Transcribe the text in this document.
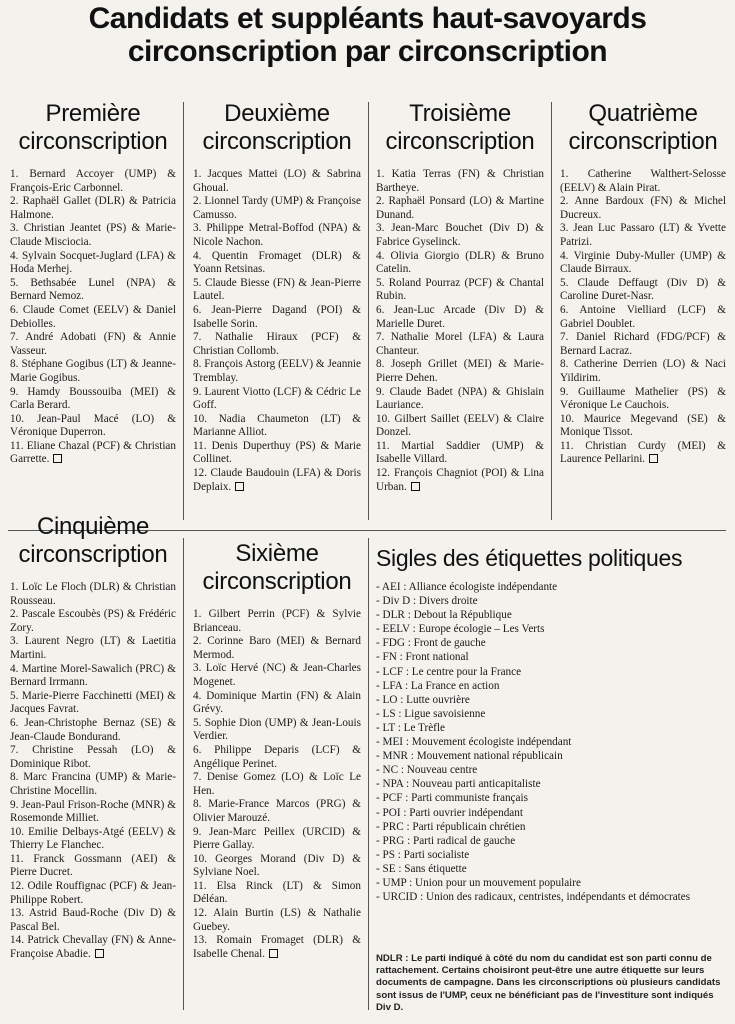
Candidats et suppléants haut-savoyards
circonscription par circonscription
Première
circonscription

1. Bernard Accoyer (UMP) & François-Eric Carbonnel.

2. Raphaël Gallet (DLR) & Patricia Halmone.

3. Christian Jeantet (PS) & Marie-Claude Misciocia.

4. Sylvain Socquet-Juglard (LFA) & Hoda Merhej.

5. Bethsabée Lunel (NPA) & Bernard Nemoz.

6. Claude Comet (EELV) & Daniel Debiolles.

7. André Adobati (FN) & Annie Vasseur.

8. Stéphane Gogibus (LT) & Jeanne-Marie Gogibus.

9. Hamdy Boussouiba (MEI) & Carla Berard.

10. Jean-Paul Macé (LO) & Véronique Duperron.

11. Eliane Chazal (PCF) & Christian Garrette.

Deuxième
circonscription

1. Jacques Mattei (LO) & Sabrina Ghoual.

2. Lionnel Tardy (UMP) & Françoise Camusso.

3. Philippe Metral-Boffod (NPA) & Nicole Nachon.

4. Quentin Fromaget (DLR) & Yoann Retsinas.

5. Claude Biesse (FN) & Jean-Pierre Lautel.

6. Jean-Pierre Dagand (POI) & Isabelle Sorin.

7. Nathalie Hiraux (PCF) & Christian Collomb.

8. François Astorg (EELV) & Jeannie Tremblay.

9. Laurent Viotto (LCF) & Cédric Le Goff.

10. Nadia Chaumeton (LT) & Marianne Alliot.

11. Denis Duperthuy (PS) & Marie Collinet.

12. Claude Baudouin (LFA) & Doris Deplaix.

Troisième
circonscription

1. Katia Terras (FN) & Christian Bartheye.

2. Raphaël Ponsard (LO) & Martine Dunand.

3. Jean-Marc Bouchet (Div D) & Fabrice Gyselinck.

4. Olivia Giorgio (DLR) & Bruno Catelin.

5. Roland Pourraz (PCF) & Chantal Rubin.

6. Jean-Luc Arcade (Div D) & Marielle Duret.

7. Nathalie Morel (LFA) & Laura Chanteur.

8. Joseph Grillet (MEI) & Marie-Pierre Dehen.

9. Claude Badet (NPA) & Ghislain Lauriance.

10. Gilbert Saillet (EELV) & Claire Donzel.

11. Martial Saddier (UMP) & Isabelle Villard.

12. François Chagniot (POI) & Lina Urban.

Quatrième
circonscription

1. Catherine Walthert-Selosse (EELV) & Alain Pirat.

2. Anne Bardoux (FN) & Michel Ducreux.

3. Jean Luc Passaro (LT) & Yvette Patrizi.

4. Virginie Duby-Muller (UMP) & Claude Birraux.

5. Claude Deffaugt (Div D) & Caroline Duret-Nasr.

6. Antoine Vielliard (LCF) & Gabriel Doublet.

7. Daniel Richard (FDG/PCF) & Bernard Lacraz.

8. Catherine Derrien (LO) & Naci Yildirim.

9. Guillaume Mathelier (PS) & Véronique Le Cauchois.

10. Maurice Megevand (SE) & Monique Tissot.

11. Christian Curdy (MEI) & Laurence Pellarini.

Cinquième
circonscription

1. Loïc Le Floch (DLR) & Christian Rousseau.

2. Pascale Escoubès (PS) & Frédéric Zory.

3. Laurent Negro (LT) & Laetitia Martini.

4. Martine Morel-Sawalich (PRC) & Bernard Irrmann.

5. Marie-Pierre Facchinetti (MEI) & Jacques Favrat.

6. Jean-Christophe Bernaz (SE) & Jean-Claude Bondurand.

7. Christine Pessah (LO) & Dominique Ribot.

8. Marc Francina (UMP) & Marie-Christine Mocellin.

9. Jean-Paul Frison-Roche (MNR) & Rosemonde Milliet.

10. Emilie Delbays-Atgé (EELV) & Thierry Le Flanchec.

11. Franck Gossmann (AEI) & Pierre Ducret.

12. Odile Rouffignac (PCF) & Jean-Philippe Robert.

13. Astrid Baud-Roche (Div D) & Pascal Bel.

14. Patrick Chevallay (FN) & Anne-Françoise Abadie.

Sixième
circonscription

1. Gilbert Perrin (PCF) & Sylvie Brianceau.

2. Corinne Baro (MEI) & Bernard Mermod.

3. Loïc Hervé (NC) & Jean-Charles Mogenet.

4. Dominique Martin (FN) & Alain Grévy.

5. Sophie Dion (UMP) & Jean-Louis Verdier.

6. Philippe Deparis (LCF) & Angélique Perinet.

7. Denise Gomez (LO) & Loïc Le Hen.

8. Marie-France Marcos (PRG) & Olivier Marouzé.

9. Jean-Marc Peillex (URCID) & Pierre Gallay.

10. Georges Morand (Div D) & Sylviane Noel.

11. Elsa Rinck (LT) & Simon Déléan.

12. Alain Burtin (LS) & Nathalie Guebey.

13. Romain Fromaget (DLR) & Isabelle Chenal.

Sigles des étiquettes politiques

- AEI : Alliance écologiste indépendante

- Div D : Divers droite

- DLR : Debout la République

- EELV : Europe écologie – Les Verts

- FDG : Front de gauche

- FN : Front national

- LCF : Le centre pour la France

- LFA : La France en action

- LO : Lutte ouvrière

- LS : Ligue savoisienne

- LT : Le Trèfle

- MEI : Mouvement écologiste indépendant

- MNR : Mouvement national républicain

- NC : Nouveau centre

- NPA : Nouveau parti anticapitaliste

- PCF : Parti communiste français

- POI : Parti ouvrier indépendant

- PRC : Parti républicain chrétien

- PRG : Parti radical de gauche

- PS : Parti socialiste

- SE : Sans étiquette

- UMP : Union pour un mouvement populaire

- URCID : Union des radicaux, centristes, indépendants et démocrates

NDLR : Le parti indiqué à côté du nom du candidat est son parti connu de rattachement. Certains choisiront peut-être une autre étiquette sur leurs documents de campagne. Dans les circonscriptions où plusieurs candidats sont issus de l'UMP, ceux ne bénéficiant pas de l'investiture sont indiqués Div D.
